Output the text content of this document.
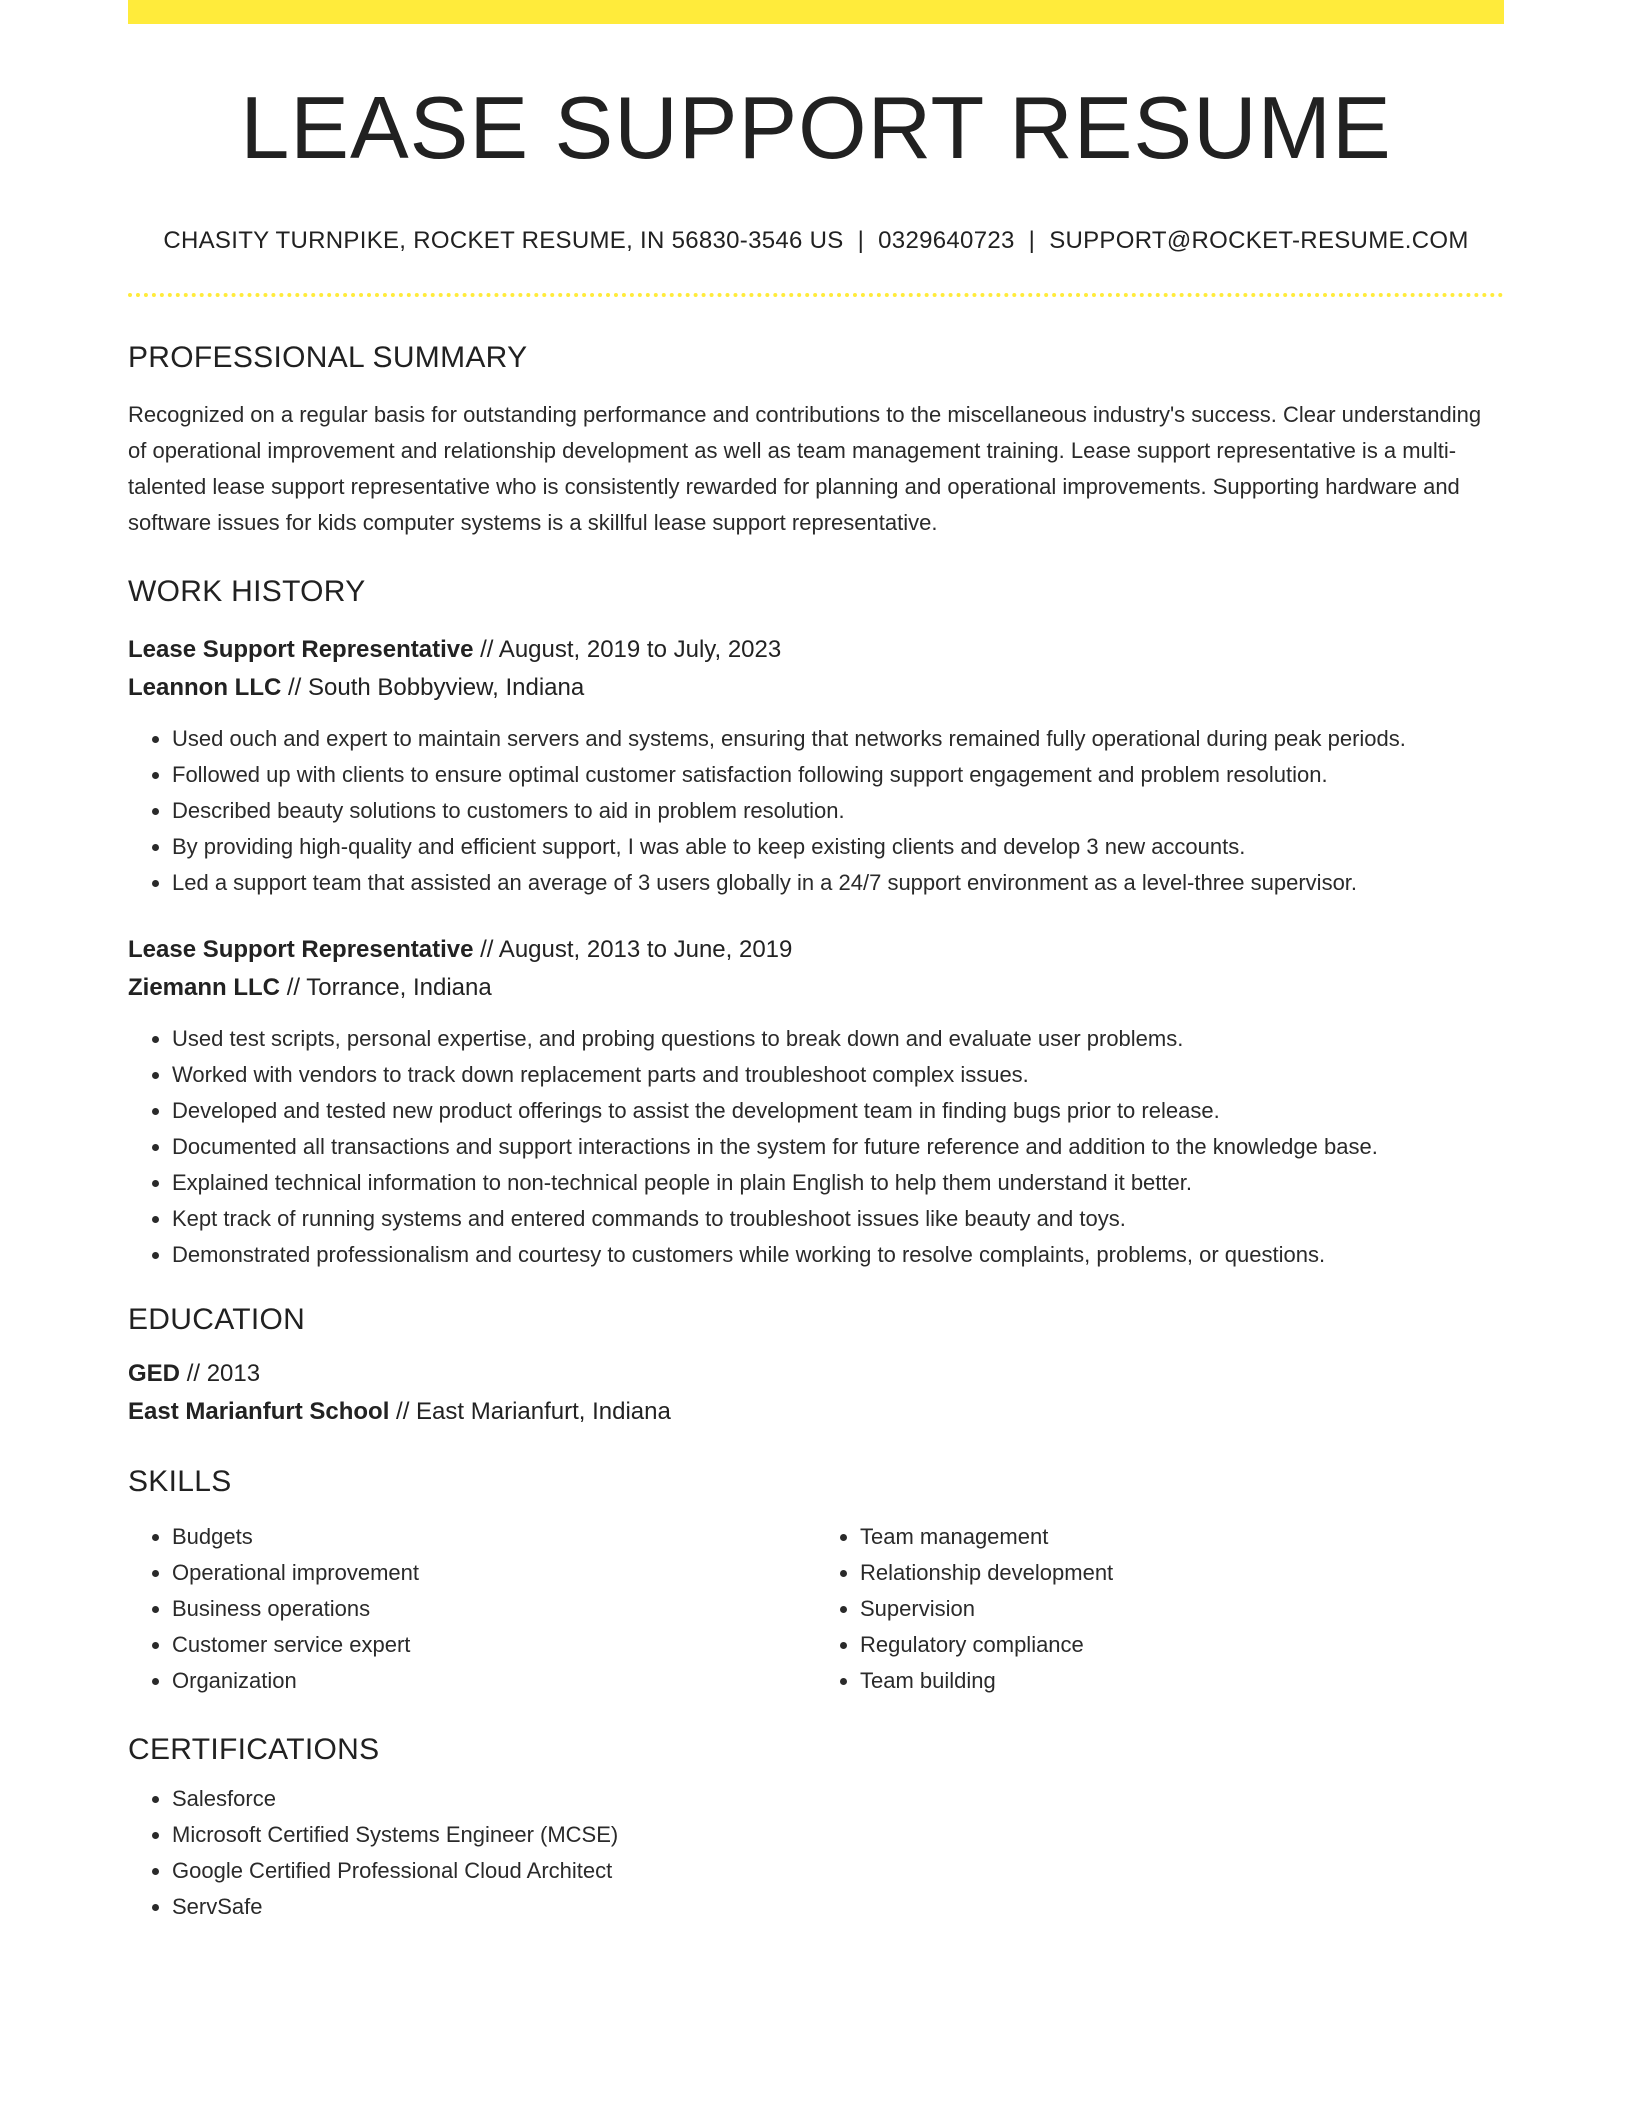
LEASE SUPPORT RESUME
CHASITY TURNPIKE, ROCKET RESUME, IN 56830-3546 US | 0329640723 | SUPPORT@ROCKET-RESUME.COM
PROFESSIONAL SUMMARY

Recognized on a regular basis for outstanding performance and contributions to the miscellaneous industry's success. Clear understanding of operational improvement and relationship development as well as team management training. Lease support representative is a multi-talented lease support representative who is consistently rewarded for planning and operational improvements. Supporting hardware and software issues for kids computer systems is a skillful lease support representative.

WORK HISTORY
Lease Support Representative // August, 2019 to July, 2023
Leannon LLC // South Bobbyview, Indiana
• Used ouch and expert to maintain servers and systems, ensuring that networks remained fully operational during peak periods.
• Followed up with clients to ensure optimal customer satisfaction following support engagement and problem resolution.
• Described beauty solutions to customers to aid in problem resolution.
• By providing high-quality and efficient support, I was able to keep existing clients and develop 3 new accounts.
• Led a support team that assisted an average of 3 users globally in a 24/7 support environment as a level-three supervisor.
Lease Support Representative // August, 2013 to June, 2019
Ziemann LLC // Torrance, Indiana
• Used test scripts, personal expertise, and probing questions to break down and evaluate user problems.
• Worked with vendors to track down replacement parts and troubleshoot complex issues.
• Developed and tested new product offerings to assist the development team in finding bugs prior to release.
• Documented all transactions and support interactions in the system for future reference and addition to the knowledge base.
• Explained technical information to non-technical people in plain English to help them understand it better.
• Kept track of running systems and entered commands to troubleshoot issues like beauty and toys.
• Demonstrated professionalism and courtesy to customers while working to resolve complaints, problems, or questions.
EDUCATION
GED // 2013
East Marianfurt School // East Marianfurt, Indiana
SKILLS
• Budgets
• Operational improvement
• Business operations
• Customer service expert
• Organization
• Team management
• Relationship development
• Supervision
• Regulatory compliance
• Team building
CERTIFICATIONS
• Salesforce
• Microsoft Certified Systems Engineer (MCSE)
• Google Certified Professional Cloud Architect
• ServSafe
